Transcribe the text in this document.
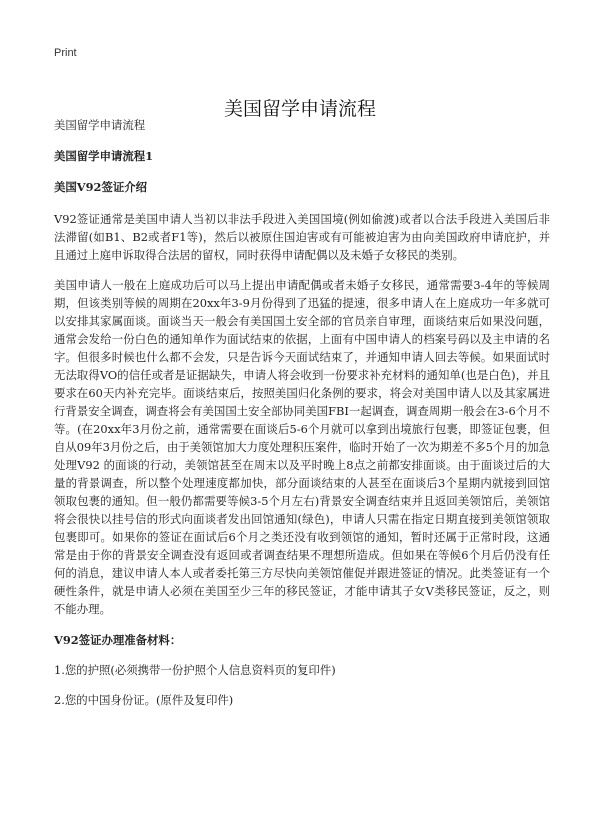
Print
美国留学申请流程

美国留学申请流程

美国留学申请流程1

美国V92签证介绍

V92签证通常是美国申请人当初以非法手段进入美国国境(例如偷渡)或者以合法手段进入美国后非法滞留(如B1、B2或者F1等)，然后以被原住国迫害或有可能被迫害为由向美国政府申请庇护，并且通过上庭申诉取得合法居的留权，同时获得申请配偶以及未婚子女移民的类别。

美国申请人一般在上庭成功后可以马上提出申请配偶或者未婚子女移民，通常需要3-4年的等候周期，但该类别等候的周期在20xx年3-9月份得到了迅猛的提速，很多申请人在上庭成功一年多就可以安排其家属面谈。面谈当天一般会有美国国土安全部的官员亲自审理，面谈结束后如果没问题，通常会发给一份白色的通知单作为面试结束的依据，上面有中国申请人的档案号码以及主申请的名字。但很多时候也什么都不会发，只是告诉今天面试结束了，并通知申请人回去等候。如果面试时无法取得VO的信任或者是证据缺失，申请人将会收到一份要求补充材料的通知单(也是白色)，并且要求在60天内补充完毕。面谈结束后，按照美国归化条例的要求，将会对美国申请人以及其家属进行背景安全调查，调查将会有美国国土安全部协同美国FBI一起调查，调查周期一般会在3-6个月不等。(在20xx年3月份之前，通常需要在面谈后5-6个月就可以拿到出境旅行包裹，即签证包裹，但自从09年3月份之后，由于美领馆加大力度处理积压案件，临时开始了一次为期差不多5个月的加急处理V92 的面谈的行动，美领馆甚至在周末以及平时晚上8点之前都安排面谈。由于面谈过后的大量的背景调查，所以整个处理速度都加快，部分面谈结束的人甚至在面谈后3个星期内就接到回馆领取包裹的通知。但一般仍都需要等候3-5个月左右)背景安全调查结束并且返回美领馆后，美领馆将会很快以挂号信的形式向面谈者发出回馆通知(绿色)，申请人只需在指定日期直接到美领馆领取包裹即可。如果你的签证在面试后6个月之类还没有收到领馆的通知，暂时还属于正常时段，这通常是由于你的背景安全调查没有返回或者调查结果不理想所造成。但如果在等候6个月后仍没有任何的消息，建议申请人本人或者委托第三方尽快向美领馆催促并跟进签证的情况。此类签证有一个硬性条件，就是申请人必须在美国至少三年的移民签证，才能申请其子女V类移民签证，反之，则不能办理。

V92签证办理准备材料：

1.您的护照(必须携带一份护照个人信息资料页的复印件)

2.您的中国身份证。(原件及复印件)
